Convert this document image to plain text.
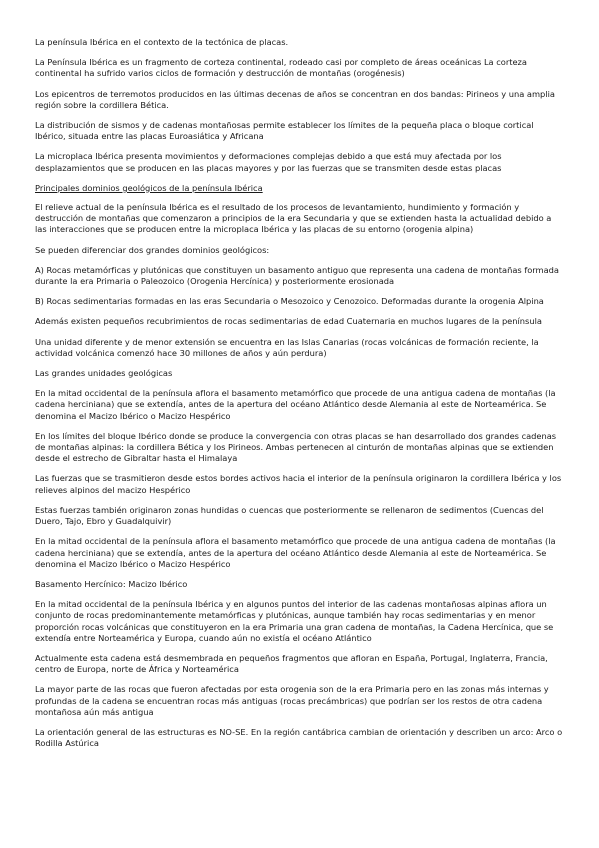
La península Ibérica en el contexto de la tectónica de placas.

La Península Ibérica es un fragmento de corteza continental, rodeado casi por completo de áreas oceánicas La corteza continental ha sufrido varios ciclos de formación y destrucción de montañas (orogénesis)

Los epicentros de terremotos producidos en las últimas decenas de años se concentran en dos bandas: Pirineos y una amplia región sobre la cordillera Bética.

La distribución de sismos y de cadenas montañosas permite establecer los límites de la pequeña placa o bloque cortical Ibérico, situada entre las placas Euroasiática y Africana

La microplaca Ibérica presenta movimientos y deformaciones complejas debido a que está muy afectada por los desplazamientos que se producen en las placas mayores y por las fuerzas que se transmiten desde estas placas

Principales dominios geológicos de la península Ibérica

El relieve actual de la península Ibérica es el resultado de los procesos de levantamiento, hundimiento y formación y destrucción de montañas que comenzaron a principios de la era Secundaria y que se extienden hasta la actualidad debido a las interacciones que se producen entre la microplaca Ibérica y las placas de su entorno (orogenia alpina)

Se pueden diferenciar dos grandes dominios geológicos:

A) Rocas metamórficas y plutónicas que constituyen un basamento antiguo que representa una cadena de montañas formada durante la era Primaria o Paleozoico (Orogenia Hercínica) y posteriormente erosionada

B) Rocas sedimentarias formadas en las eras Secundaria o Mesozoico y Cenozoico. Deformadas durante la orogenia Alpina

Además existen pequeños recubrimientos de rocas sedimentarias de edad Cuaternaria en muchos lugares de la península

Una unidad diferente y de menor extensión se encuentra en las Islas Canarias (rocas volcánicas de formación reciente, la actividad volcánica comenzó hace 30 millones de años y aún perdura)

Las grandes unidades geológicas

En la mitad occidental de la península aflora el basamento metamórfico que procede de una antigua cadena de montañas (la cadena herciniana) que se extendía, antes de la apertura del océano Atlántico desde Alemania al este de Norteamérica. Se denomina el Macizo Ibérico o Macizo Hespérico

En los límites del bloque Ibérico donde se produce la convergencia con otras placas se han desarrollado dos grandes cadenas de montañas alpinas: la cordillera Bética y los Pirineos. Ambas pertenecen al cinturón de montañas alpinas que se extienden desde el estrecho de Gibraltar hasta el Himalaya

Las fuerzas que se trasmitieron desde estos bordes activos hacia el interior de la península originaron la cordillera Ibérica y los relieves alpinos del macizo Hespérico

Estas fuerzas también originaron zonas hundidas o cuencas que posteriormente se rellenaron de sedimentos (Cuencas del Duero, Tajo, Ebro y Guadalquivir)

En la mitad occidental de la península aflora el basamento metamórfico que procede de una antigua cadena de montañas (la cadena herciniana) que se extendía, antes de la apertura del océano Atlántico desde Alemania al este de Norteamérica. Se denomina el Macizo Ibérico o Macizo Hespérico

Basamento Hercínico: Macizo Ibérico

En la mitad occidental de la península Ibérica y en algunos puntos del interior de las cadenas montañosas alpinas aflora un conjunto de rocas predominantemente metamórficas y plutónicas, aunque también hay rocas sedimentarias y en menor proporción rocas volcánicas que constituyeron en la era Primaria una gran cadena de montañas, la Cadena Hercínica, que se extendía entre Norteamérica y Europa, cuando aún no existía el océano Atlántico

Actualmente esta cadena está desmembrada en pequeños fragmentos que afloran en España, Portugal, Inglaterra, Francia, centro de Europa, norte de África y Norteamérica

La mayor parte de las rocas que fueron afectadas por esta orogenia son de la era Primaria pero en las zonas más internas y profundas de la cadena se encuentran rocas más antiguas (rocas precámbricas) que podrían ser los restos de otra cadena montañosa aún más antigua

La orientación general de las estructuras es NO-SE. En la región cantábrica cambian de orientación y describen un arco: Arco o Rodilla Astúrica
